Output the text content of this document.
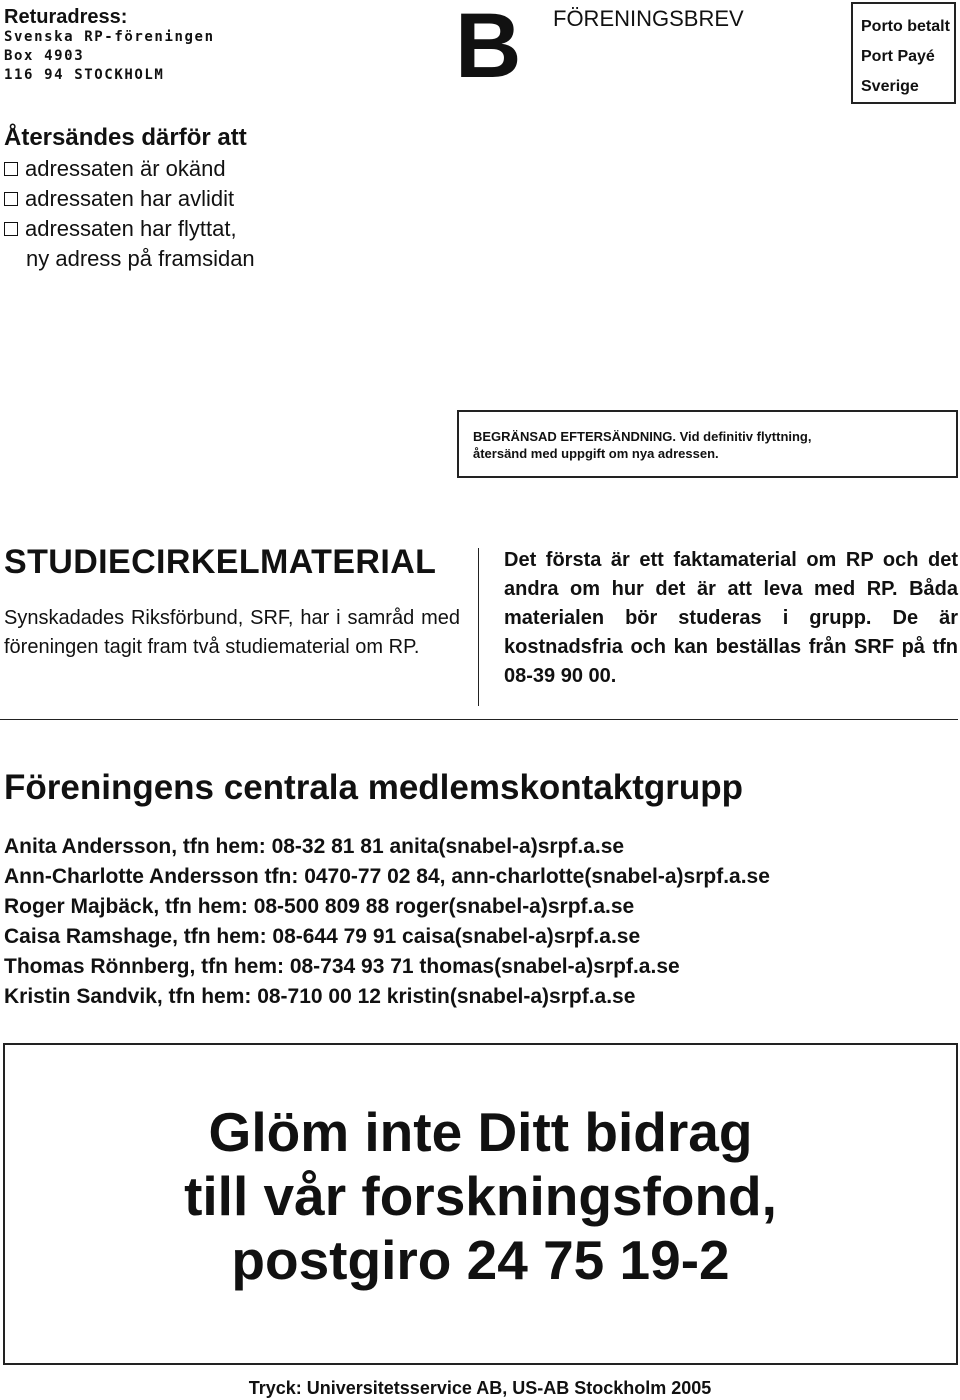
Returadress:
Svenska RP-föreningen
Box 4903
116 94 STOCKHOLM	B FÖRENINGSBREV	Porto betalt
Port Payé
Sverige
Återsändes därför att
adressaten är okänd
adressaten har avlidit
adressaten har flyttat,
ny adress på framsidan
BEGRÄNSAD EFTERSÄNDNING. Vid definitiv flyttning,
återsänd med uppgift om nya adressen.
STUDIECIRKELMATERIAL
Synskadades Riksförbund, SRF, har i samråd med föreningen tagit fram två studiematerial om RP.
Det första är ett faktamaterial om RP och det andra om hur det är att leva med RP. Båda materialen bör studeras i grupp. De är kostnadsfria och kan beställas från SRF på tfn 08-39 90 00.
Föreningens centrala medlemskontaktgrupp
Anita Andersson, tfn hem: 08-32 81 81 anita(snabel-a)srpf.a.se
Ann-Charlotte Andersson tfn: 0470-77 02 84, ann-charlotte(snabel-a)srpf.a.se
Roger Majbäck, tfn hem: 08-500 809 88 roger(snabel-a)srpf.a.se
Caisa Ramshage, tfn hem: 08-644 79 91 caisa(snabel-a)srpf.a.se
Thomas Rönnberg, tfn hem: 08-734 93 71 thomas(snabel-a)srpf.a.se
Kristin Sandvik, tfn hem: 08-710 00 12 kristin(snabel-a)srpf.a.se
Glöm inte Ditt bidrag
till vår forskningsfond,
postgiro 24 75 19-2
Tryck: Universitetsservice AB, US-AB Stockholm 2005
